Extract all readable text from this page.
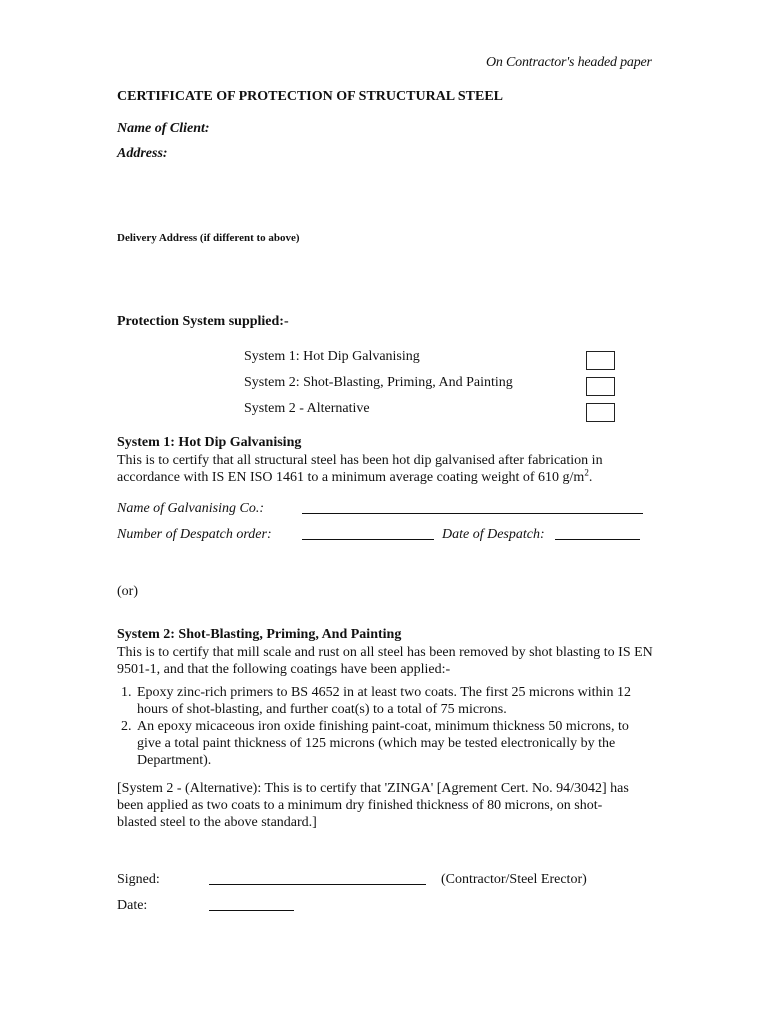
On Contractor's headed paper
CERTIFICATE OF PROTECTION OF STRUCTURAL STEEL
Name of Client:
Address:
Delivery Address (if different to above)
Protection System supplied:-
System 1: Hot Dip Galvanising
System 2: Shot-Blasting, Priming, And Painting
System 2 - Alternative
System 1: Hot Dip Galvanising
This is to certify that all structural steel has been hot dip galvanised after fabrication in accordance with IS EN ISO 1461 to a minimum average coating weight of 610 $g/m^2$.
Name of Galvanising Co.:
Number of Despatch order:	Date of Despatch:
(or)
System 2: Shot-Blasting, Priming, And Painting
This is to certify that mill scale and rust on all steel has been removed by shot blasting to IS EN 9501-1, and that the following coatings have been applied:-
1. Epoxy zinc-rich primers to BS 4652 in at least two coats. The first 25 microns within 12 hours of shot-blasting, and further coat(s) to a total of 75 microns.
2. An epoxy micaceous iron oxide finishing paint-coat, minimum thickness 50 microns, to give a total paint thickness of 125 microns (which may be tested electronically by the Department).
[System 2 - (Alternative): This is to certify that 'ZINGA' [Agrement Cert. No. 94/3042] has been applied as two coats to a minimum dry finished thickness of 80 microns, on shot-blasted steel to the above standard.]
Signed:	(Contractor/Steel Erector)
Date:
